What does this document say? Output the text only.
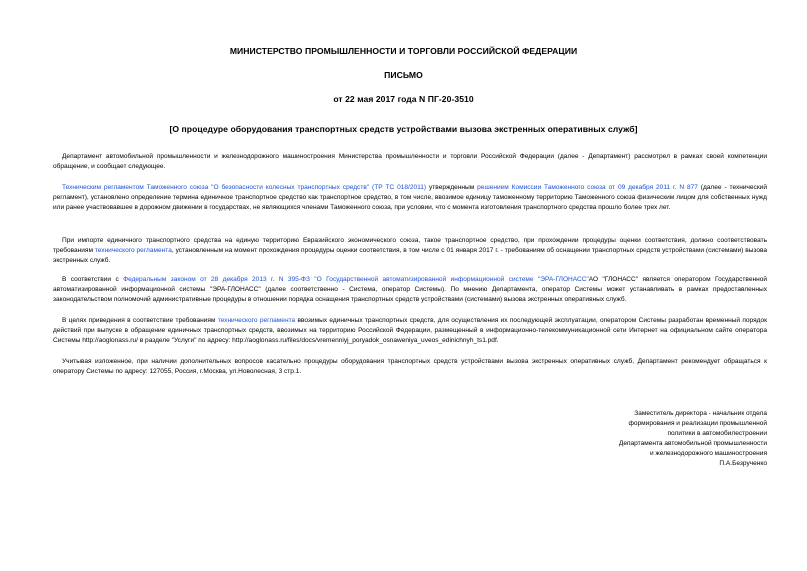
МИНИСТЕРСТВО ПРОМЫШЛЕННОСТИ И ТОРГОВЛИ РОССИЙСКОЙ ФЕДЕРАЦИИ
ПИСЬМО
от 22 мая 2017 года N ПГ-20-3510
[О процедуре оборудования транспортных средств устройствами вызова экстренных оперативных служб]

Департамент автомобильной промышленности и железнодорожного машиностроения Министерства промышленности и торговли Российской Федерации (далее - Департамент) рассмотрел в рамках своей компетенции обращение, и сообщает следующее.

Техническим регламентом Таможенного союза "О безопасности колесных транспортных средств" (ТР ТС 018/2011) утвержденным решением Комиссии Таможенного союза от 09 декабря 2011 г. N 877 (далее - технический регламент), установлено определение термина единичное транспортное средство как транспортное средство, в том числе, ввозимое единицу таможенному территорию Таможенного союза физическим лицом для собственных нужд или ранее участвовавшее в дорожном движении в государствах, не являющихся членами Таможенного союза, при условии, что с момента изготовления транспортного средства прошло более трех лет.

При импорте единичного транспортного средства на единую территорию Евразийского экономического союза, такое транспортное средство, при прохождении процедуры оценки соответствия, должно соответствовать требованиям технического регламента, установленным на момент прохождения процедуры оценки соответствия, в том числе с 01 января 2017 г. - требованиям об оснащении транспортных средств устройствами (системами) вызова экстренных служб.

В соответствии с Федеральным законом от 28 декабря 2013 г. N 395-ФЗ "О Государственной автоматизированной информационной системе "ЭРА-ГЛОНАСС"АО "ГЛОНАСС" является оператором Государственной автоматизированной информационной системы "ЭРА-ГЛОНАСС" (далее соответственно - Система, оператор Системы). По мнению Департамента, оператор Системы может устанавливать в рамках предоставленных законодательством полномочий административные процедуры в отношении порядка оснащения транспортных средств устройствами (системами) вызова экстренных оперативных служб.

В целях приведения в соответствие требованиям технического регламента ввозимых единичных транспортных средств, для осуществления их последующей эксплуатации, оператором Системы разработан временный порядок действий при выпуске в обращение единичных транспортных средств, ввозимых на территорию Российской Федерации, размещенный в информационно-телекоммуникационной сети Интернет на официальном сайте оператора Системы http://aoglonass.ru/ в разделе "Услуги" по адресу: http://aoglonass.ru/files/docs/vremenniyj_poryadok_osnaweniya_uveos_edinichnyh_ts1.pdf.

Учитывая изложенное, при наличии дополнительных вопросов касательно процедуры оборудования транспортных средств устройствами вызова экстренных оперативных служб, Департамент рекомендует обращаться к оператору Системы по адресу: 127055, Россия, г.Москва, ул.Новолесная, 3 стр.1.

Заместитель директора - начальник отдела
формирования и реализации промышленной
политики в автомобилестроении
Департамента автомобильной промышленности
и железнодорожного машиностроения
П.А.Безрученко
